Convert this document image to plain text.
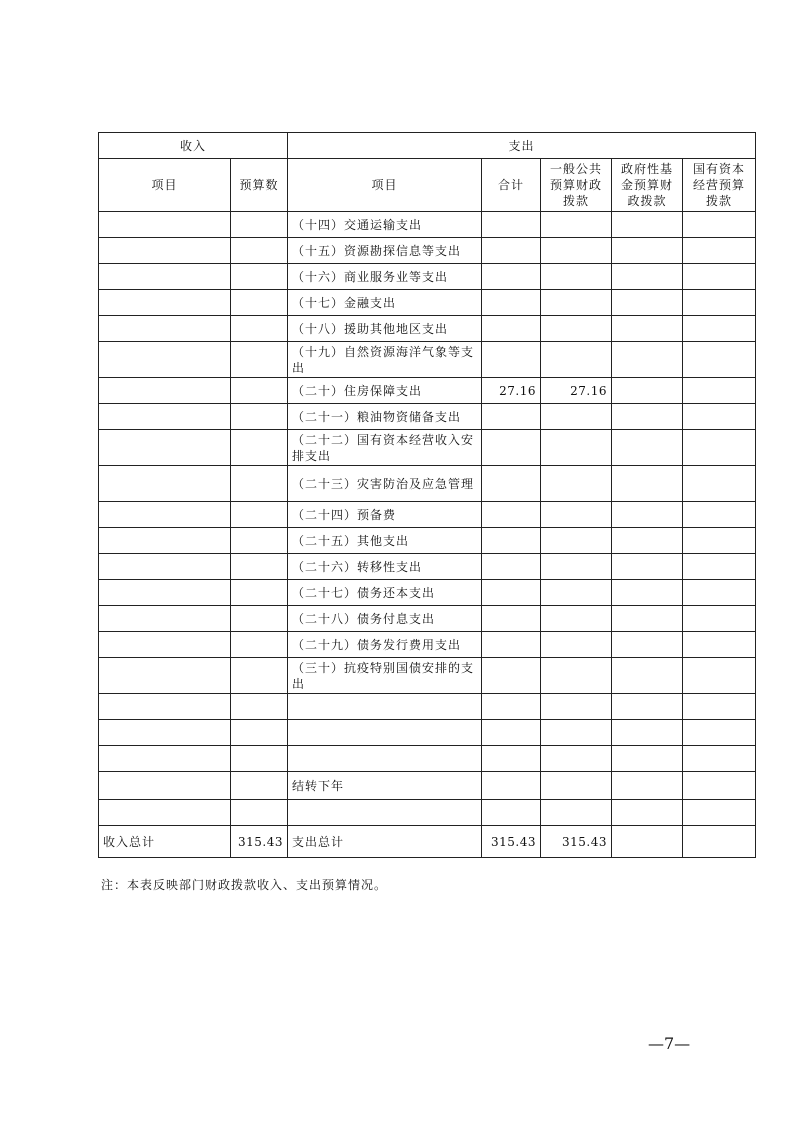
收入		支出				
项目	预算数	项目	合计	一般公共预算财政拨款	政府性基金预算财政拨款	国有资本经营预算拨款
		（十四）交通运输支出				
		（十五）资源勘探信息等支出				
		（十六）商业服务业等支出				
		（十七）金融支出				
		（十八）援助其他地区支出				
		（十九）自然资源海洋气象等支出				
		（二十）住房保障支出	27.16	27.16		
		（二十一）粮油物资储备支出				
		（二十二）国有资本经营收入安排支出				
		（二十三）灾害防治及应急管理				
		（二十四）预备费				
		（二十五）其他支出				
		（二十六）转移性支出				
		（二十七）债务还本支出				
		（二十八）债务付息支出				
		（二十九）债务发行费用支出				
		（三十）抗疫特别国债安排的支出				

		结转下年				

收入总计	315.43	支出总计	315.43	315.43		
注：本表反映部门财政拨款收入、支出预算情况。
—7—
